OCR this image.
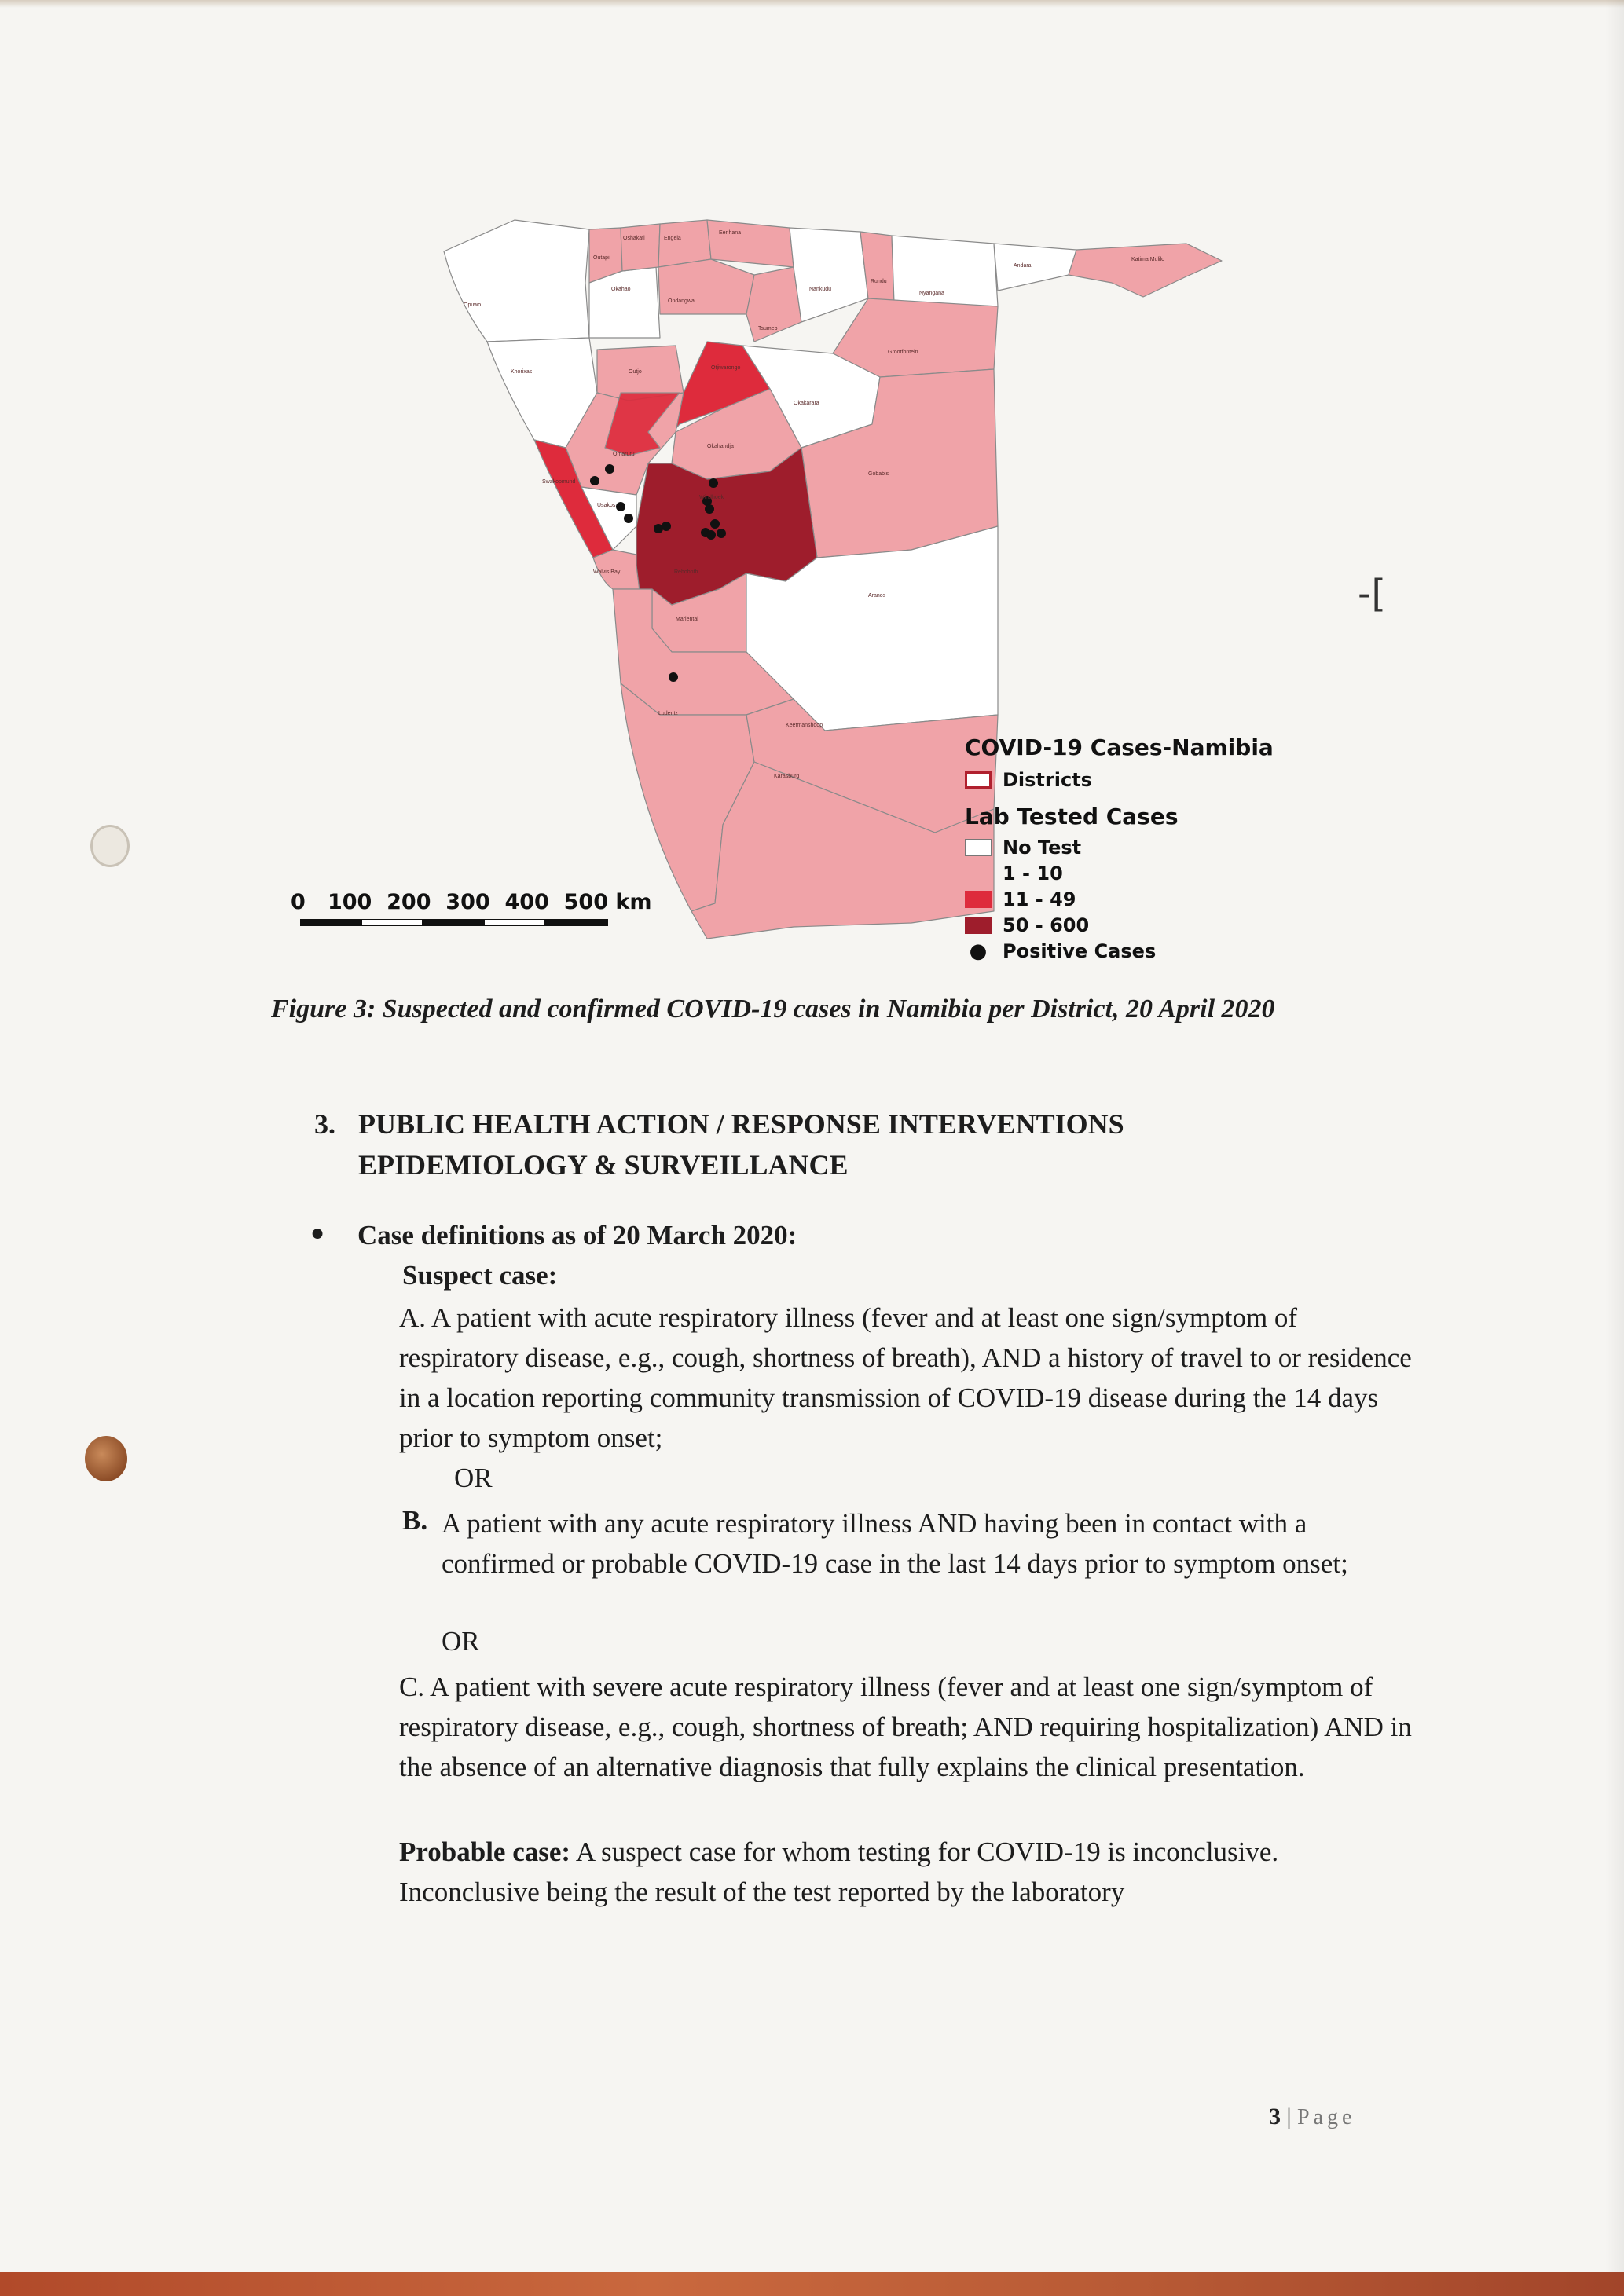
-[
Opuwo
Outapi
Okahao
Oshakati	Engela
Eenhana
Nankudu
Rundu
Nyangana
Andara
Katima Mulilo
Ondangwa
Tsumeb
Grootfontein
Outjo
Otjiwarongo
Khorixas
Okakarara
Okahandja
Gobabis
Omaruru
Swakopmund
Usakos
Walvis Bay
Windhoek
Rehoboth
Mariental
Aranos
Keetmanshoop
Luderitz
Karasburg
0   100  200  300  400  500 km
COVID-19 Cases-Namibia
Districts
Lab Tested Cases
No Test
1 - 10
11 - 49
50 - 600
● Positive Cases
Figure 3: Suspected and confirmed COVID-19 cases in Namibia per District, 20 April 2020
3. PUBLIC HEALTH ACTION / RESPONSE INTERVENTIONS EPIDEMIOLOGY & SURVEILLANCE
● Case definitions as of 20 March 2020:
Suspect case:
A. A patient with acute respiratory illness (fever and at least one sign/symptom of respiratory disease, e.g., cough, shortness of breath), AND a history of travel to or residence in a location reporting community transmission of COVID-19 disease during the 14 days prior to symptom onset;
OR
B. A patient with any acute respiratory illness AND having been in contact with a confirmed or probable COVID-19 case in the last 14 days prior to symptom onset;
OR
C. A patient with severe acute respiratory illness (fever and at least one sign/symptom of respiratory disease, e.g., cough, shortness of breath; AND requiring hospitalization) AND in the absence of an alternative diagnosis that fully explains the clinical presentation.
Probable case: A suspect case for whom testing for COVID-19 is inconclusive. Inconclusive being the result of the test reported by the laboratory
3 | Page
